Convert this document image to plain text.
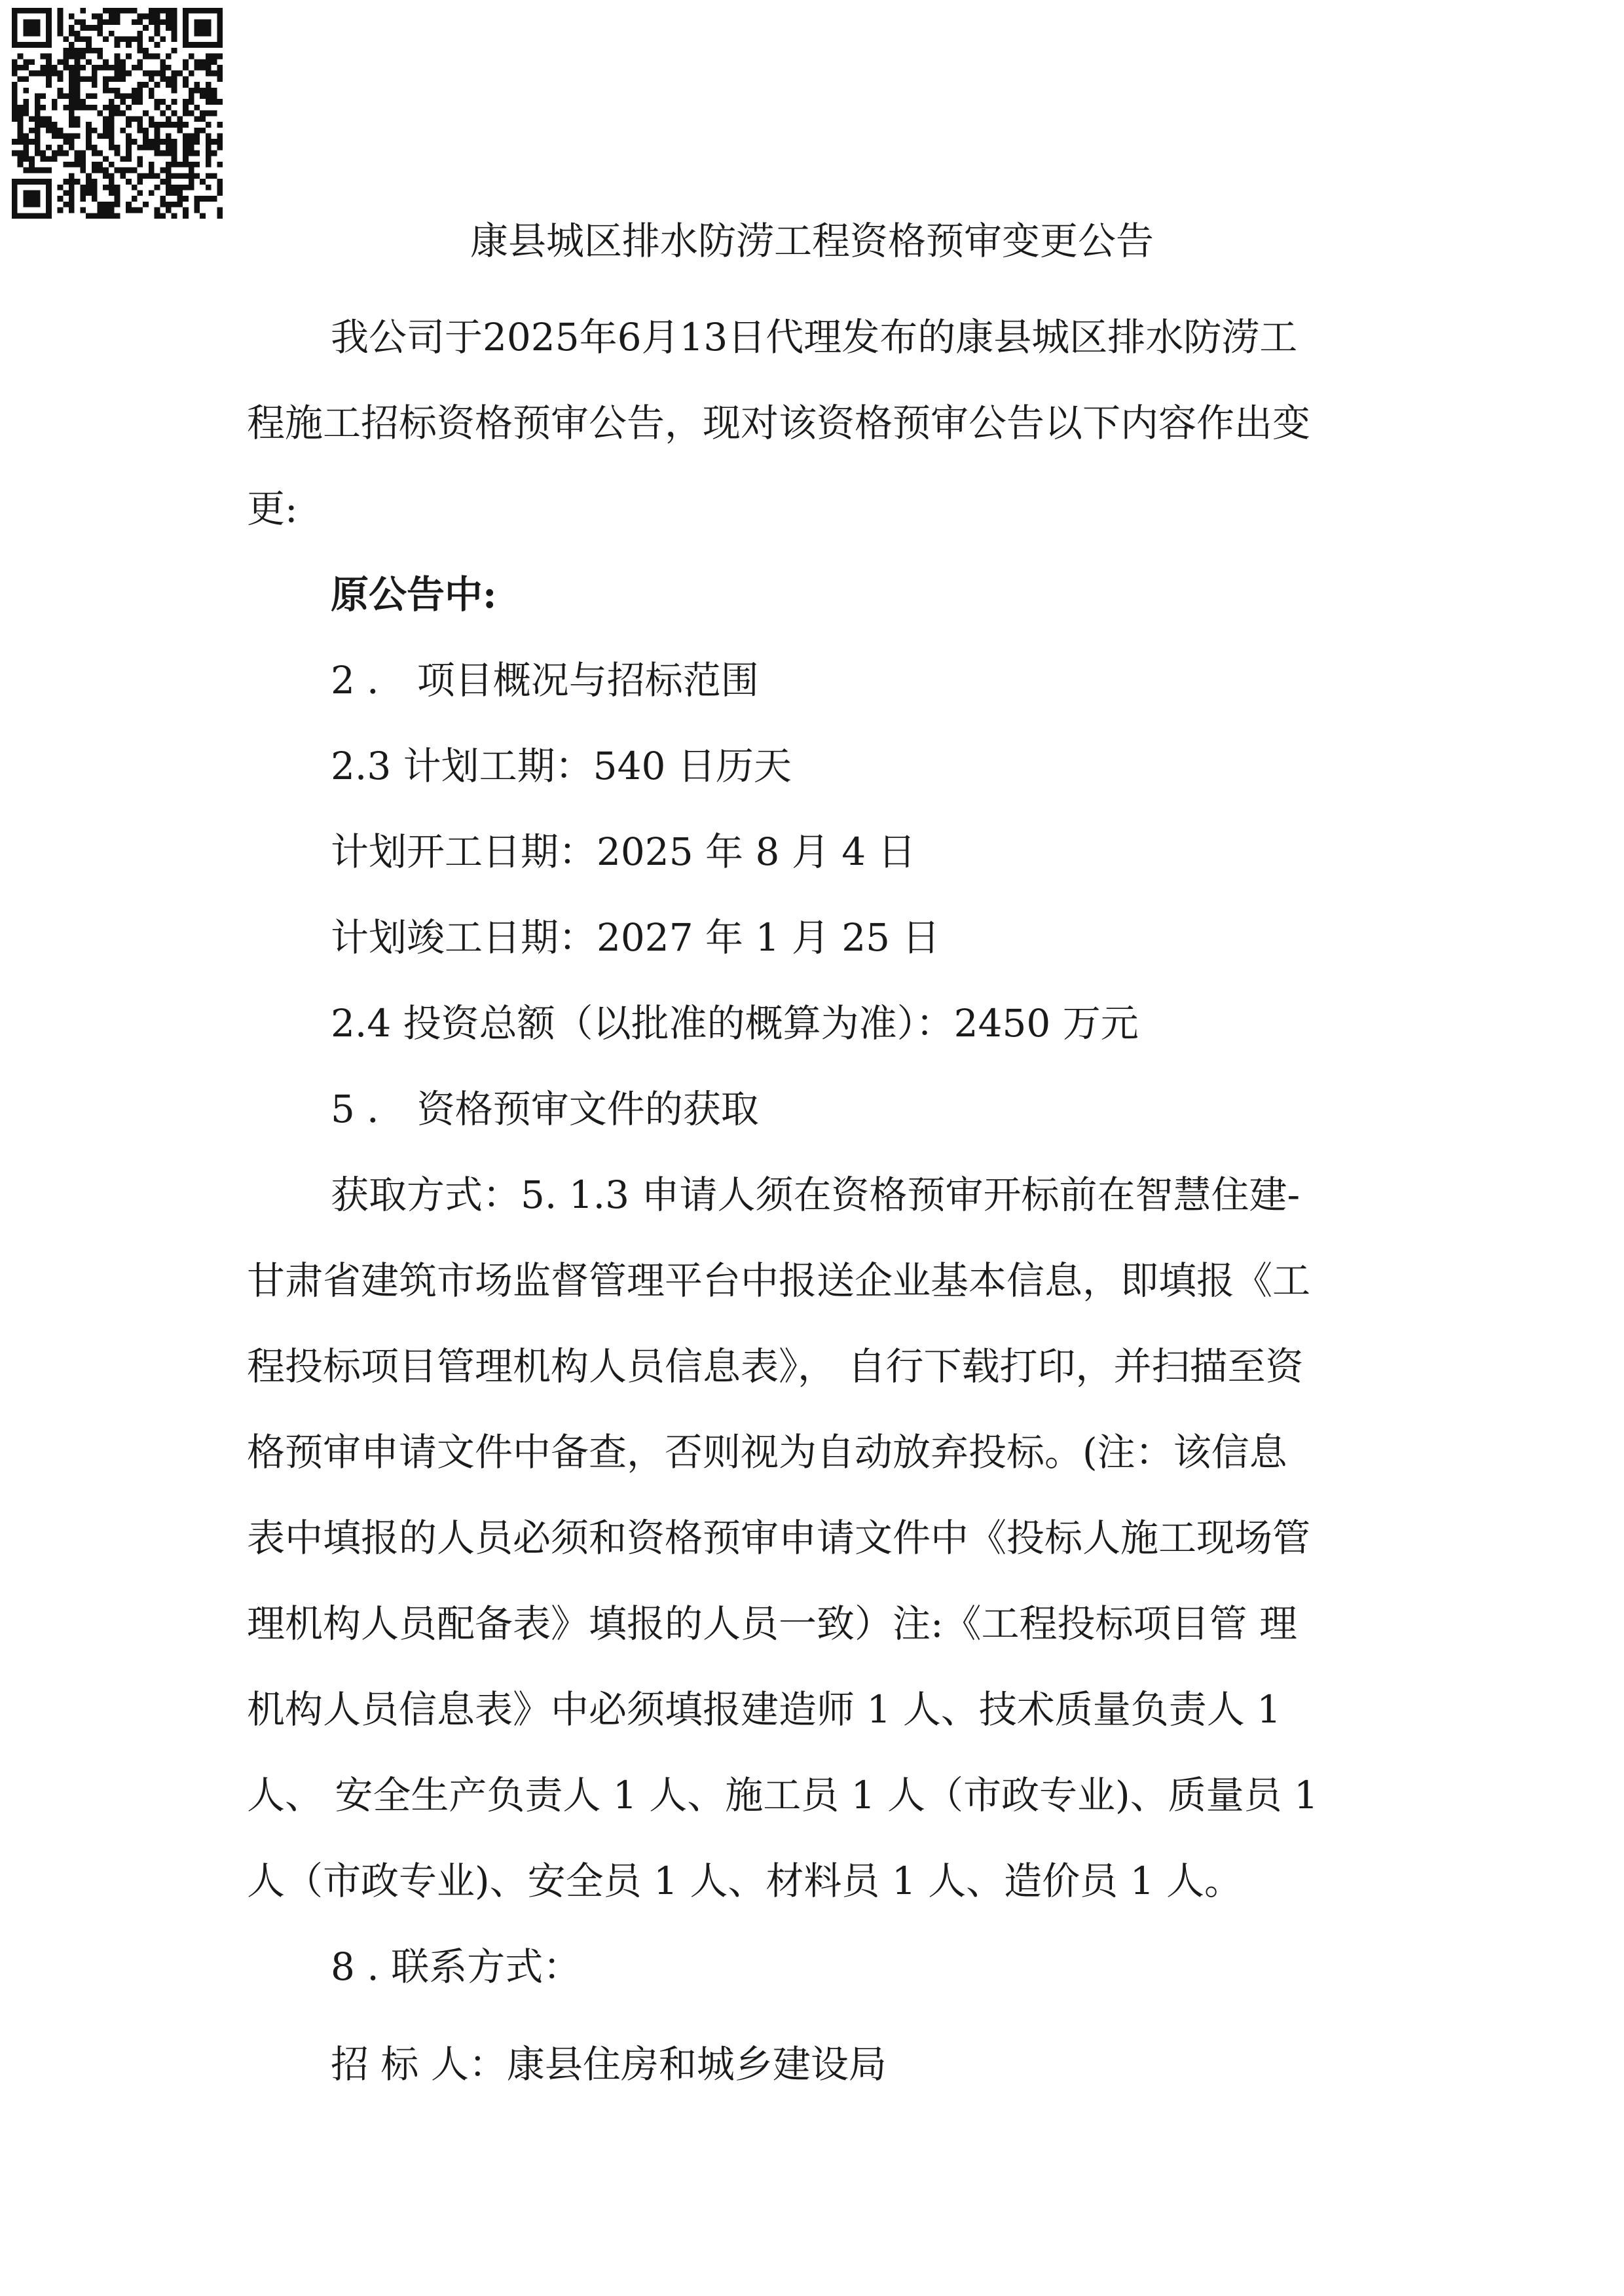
康县城区排水防涝工程资格预审变更公告
我公司于2025年6月13日代理发布的康县城区排水防涝工
程施工招标资格预审公告，现对该资格预审公告以下内容作出变
更:
原公告中:
2 ． 项目概况与招标范围
2.3 计划工期：540 日历天
计划开工日期：2025 年 8 月 4 日
计划竣工日期：2027 年 1 月 25 日
2.4 投资总额（以批准的概算为准）：2450 万元
5 ． 资格预审文件的获取
获取方式：5. 1.3 申请人须在资格预审开标前在智慧住建-
甘肃省建筑市场监督管理平台中报送企业基本信息，即填报《工
程投标项目管理机构人员信息表》， 自行下载打印，并扫描至资
格预审申请文件中备查，否则视为自动放弃投标。(注：该信息
表中填报的人员必须和资格预审申请文件中《投标人施工现场管
理机构人员配备表》填报的人员一致）注:《工程投标项目管 理
机构人员信息表》中必须填报建造师 1 人、技术质量负责人 1
人、 安全生产负责人 1 人、施工员 1 人（市政专业)、质量员 1
人（市政专业)、安全员 1 人、材料员 1 人、造价员 1 人。
8 . 联系方式：
招 标 人：康县住房和城乡建设局
